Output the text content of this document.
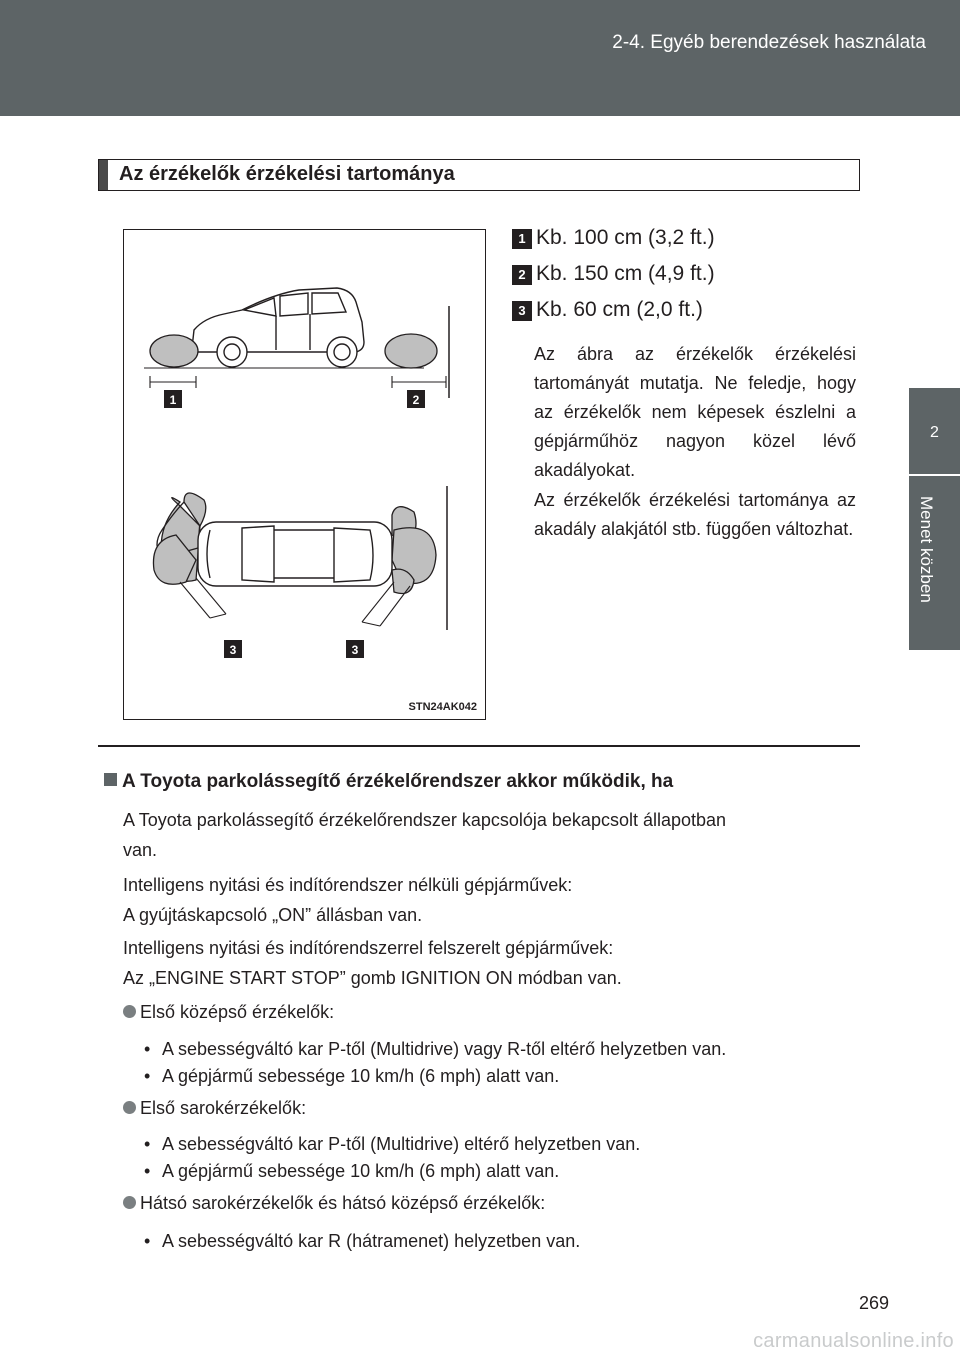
2-4. Egyéb berendezések használata
2
Menet közben
Az érzékelők érzékelési tartománya
1	2
3	3
STN24AK042
1 Kb. 100 cm (3,2 ft.)
2 Kb. 150 cm (4,9 ft.)
3 Kb. 60 cm (2,0 ft.)
Az ábra az érzékelők érzékelési tartományát mutatja. Ne feledje, hogy az érzékelők nem képesek észlelni a gépjárműhöz nagyon közel lévő akadályokat.
Az érzékelők érzékelési tartománya az akadály alakjától stb. függően változhat.
A Toyota parkolássegítő érzékelőrendszer akkor működik, ha
A Toyota parkolássegítő érzékelőrendszer kapcsolója bekapcsolt állapotban
van.
Intelligens nyitási és indítórendszer nélküli gépjárművek:
A gyújtáskapcsoló „ON” állásban van.
Intelligens nyitási és indítórendszerrel felszerelt gépjárművek:
Az „ENGINE START STOP” gomb IGNITION ON módban van.
Első középső érzékelők:
• A sebességváltó kar P-től (Multidrive) vagy R-től eltérő helyzetben van.
• A gépjármű sebessége 10 km/h (6 mph) alatt van.
Első sarokérzékelők:
• A sebességváltó kar P-től (Multidrive) eltérő helyzetben van.
• A gépjármű sebessége 10 km/h (6 mph) alatt van.
Hátsó sarokérzékelők és hátsó középső érzékelők:
• A sebességváltó kar R (hátramenet) helyzetben van.
269
carmanualsonline.info
